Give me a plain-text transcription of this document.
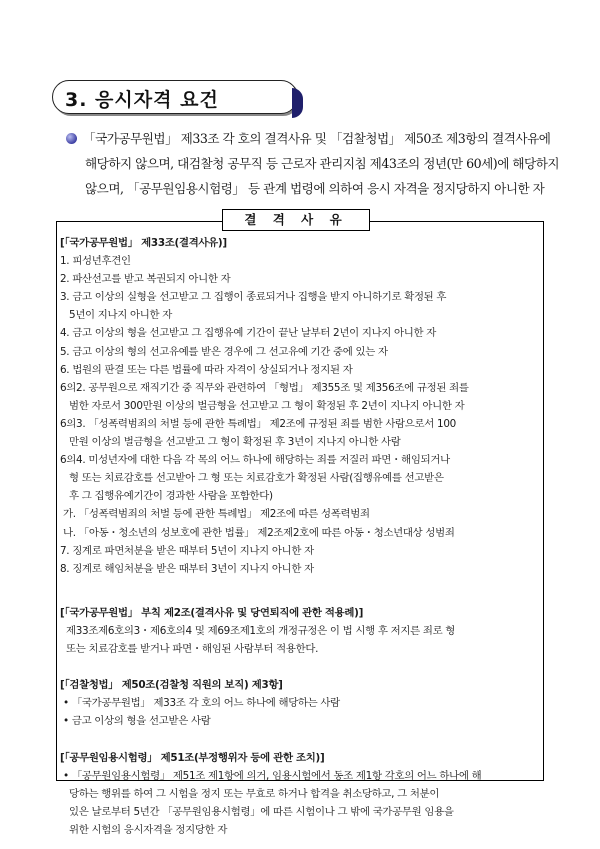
3. 응시자격 요건
「국가공무원법」 제33조 각 호의 결격사유 및 「검찰청법」 제50조 제3항의 결격사유에
해당하지 않으며, 대검찰청 공무직 등 근로자 관리지침 제43조의 정년(만 60세)에 해당하지
않으며, 「공무원임용시험령」 등 관계 법령에 의하여 응시 자격을 정지당하지 아니한 자
결 격 사 유
[「국가공무원법」 제33조(결격사유)]
1. 피성년후견인
2. 파산선고를 받고 복권되지 아니한 자
3. 금고 이상의 실형을 선고받고 그 집행이 종료되거나 집행을 받지 아니하기로 확정된 후
5년이 지나지 아니한 자
4. 금고 이상의 형을 선고받고 그 집행유예 기간이 끝난 날부터 2년이 지나지 아니한 자
5. 금고 이상의 형의 선고유예를 받은 경우에 그 선고유예 기간 중에 있는 자
6. 법원의 판결 또는 다른 법률에 따라 자격이 상실되거나 정지된 자
6의2. 공무원으로 재직기간 중 직무와 관련하여 「형법」 제355조 및 제356조에 규정된 죄를
범한 자로서 300만원 이상의 벌금형을 선고받고 그 형이 확정된 후 2년이 지나지 아니한 자
6의3. 「성폭력범죄의 처벌 등에 관한 특례법」 제2조에 규정된 죄를 범한 사람으로서 100
만원 이상의 벌금형을 선고받고 그 형이 확정된 후 3년이 지나지 아니한 사람
6의4. 미성년자에 대한 다음 각 목의 어느 하나에 해당하는 죄를 저질러 파면・해임되거나
형 또는 치료감호를 선고받아 그 형 또는 치료감호가 확정된 사람(집행유예를 선고받은
후 그 집행유예기간이 경과한 사람을 포함한다)
가. 「성폭력범죄의 처벌 등에 관한 특례법」 제2조에 따른 성폭력범죄
나. 「아동・청소년의 성보호에 관한 법률」 제2조제2호에 따른 아동・청소년대상 성범죄
7. 징계로 파면처분을 받은 때부터 5년이 지나지 아니한 자
8. 징계로 해임처분을 받은 때부터 3년이 지나지 아니한 자
[「국가공무원법」 부칙 제2조(결격사유 및 당연퇴직에 관한 적용례)]
제33조제6호의3・제6호의4 및 제69조제1호의 개정규정은 이 법 시행 후 저지른 죄로 형
또는 치료감호를 받거나 파면・해임된 사람부터 적용한다.
[「검찰청법」 제50조(검찰청 직원의 보직) 제3항]
• 「국가공무원법」 제33조 각 호의 어느 하나에 해당하는 사람
• 금고 이상의 형을 선고받은 사람
[「공무원임용시험령」 제51조(부정행위자 등에 관한 조치)]
• 「공무원임용시험령」 제51조 제1항에 의거, 임용시험에서 동조 제1항 각호의 어느 하나에 해
당하는 행위를 하여 그 시험을 정지 또는 무효로 하거나 합격을 취소당하고, 그 처분이
있은 날로부터 5년간 「공무원임용시험령」에 따른 시험이나 그 밖에 국가공무원 임용을
위한 시험의 응시자격을 정지당한 자
